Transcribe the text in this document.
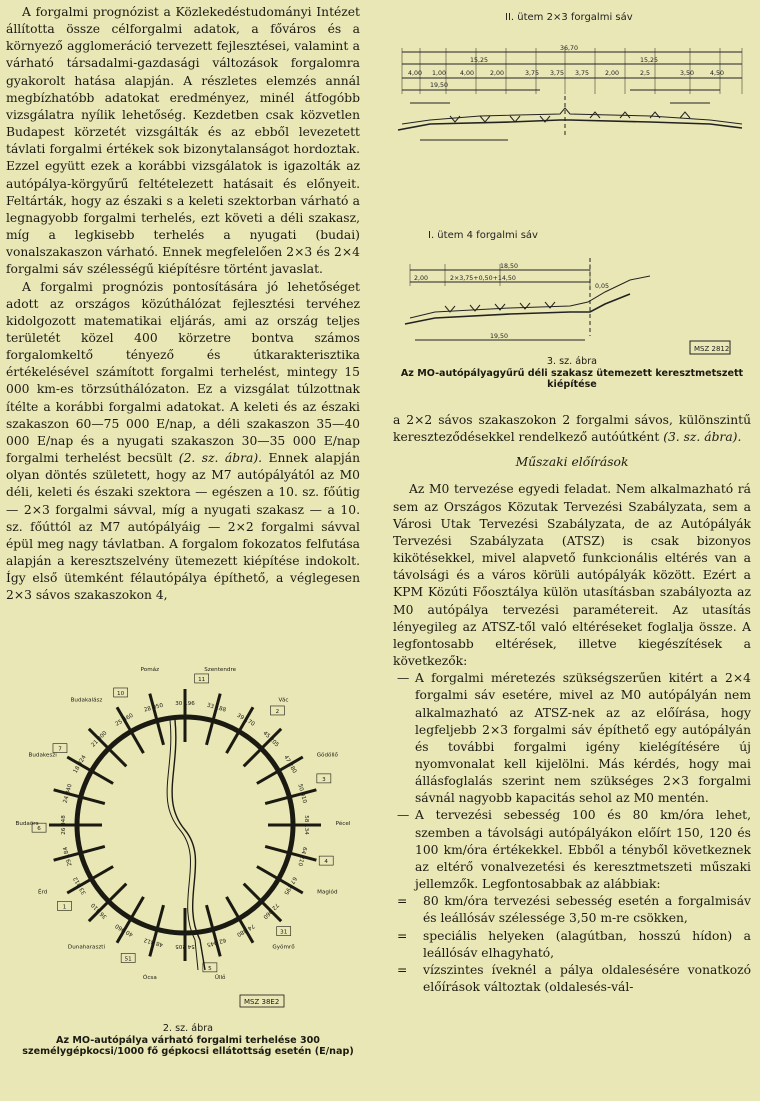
A forgalmi prognózist a Közlekedéstudományi Intézet állította össze célforgalmi adatok, a főváros és a környező agglomeráció tervezett fejlesztései, valamint a várható társadalmi-gazdasági változások forgalomra gyakorolt hatása alapján. A részletes elemzés annál megbízhatóbb adatokat eredményez, minél átfogóbb vizsgálatra nyílik lehetőség. Kezdetben csak közvetlen Budapest körzetét vizsgálták és az ebből levezetett távlati forgalmi értékek sok bizonytalanságot hordoztak. Ezzel együtt ezek a korábbi vizsgálatok is igazolták az autópálya-körgyűrű feltételezett hatásait és előnyeit. Feltárták, hogy az északi s a keleti szektorban várható a legnagyobb forgalmi terhelés, ezt követi a déli szakasz, míg a legkisebb terhelés a nyugati (budai) vonalszakaszon várható. Ennek megfelelően 2×3 és 2×4 forgalmi sáv szélességű kiépítésre történt javaslat.

A forgalmi prognózis pontosítására jó lehetőséget adott az országos közúthálózat fejlesztési tervéhez kidolgozott matematikai eljárás, ami az ország teljes területét közel 400 körzetre bontva számos forgalomkeltő tényező és útkarakterisztika értékelésével számított forgalmi terhelést, mintegy 15 000 km-es törzsúthálózaton. Ez a vizsgálat túlzottnak ítélte a korábbi forgalmi adatokat. A keleti és az északi szakaszon 60—75 000 E/nap, a déli szakaszon 35—40 000 E/nap és a nyugati szakaszon 30—35 000 E/nap forgalmi terhelést becsült (2. sz. ábra). Ennek alapján olyan döntés született, hogy az M7 autópályától az M0 déli, keleti és északi szektora — egészen a 10. sz. főútig — 2×3 forgalmi sávval, míg a nyugati szakasz — a 10. sz. főúttól az M7 autópályáig — 2×2 forgalmi sávval épül meg nagy távlatban. A forgalom fokozatos felfutása alapján a keresztszelvény ütemezett kiépítése indokolt. Így első ütemként félautópálya építhető, a véglegesen 2×3 sávos szakaszokon 4,

II. ütem 2×3 forgalmi sáv
I. ütem 4 forgalmi sáv
36,70
15,25	15,25
4,00 1,00 4,00	2,00	3,75 3,75 3,75	2,00	2,5	3,50	4,50
19,50
18,50
2,00	2×3,75+0,50+14,50
0,05
19,50
MSZ 2812
3. sz. ábra
Az MO-autópályagyűrű déli szakasz ütemezett keresztmetszett kiépítése

a 2×2 sávos szakaszokon 2 forgalmi sávos, különszintű kereszteződésekkel rendelkező autóútként (3. sz. ábra).

Műszaki előírások

Az M0 tervezése egyedi feladat. Nem alkalmazható rá sem az Országos Közutak Tervezési Szabályzata, sem a Városi Utak Tervezési Szabályzata, de az Autópályák Tervezési Szabályzata (ATSZ) is csak bizonyos kikötésekkel, mivel alapvető funkcionális eltérés van a távolsági és a város körüli autópályák között. Ezért a KPM Közúti Főosztálya külön utasításban szabályozta az M0 autópálya tervezési paramétereit. Az utasítás lényegileg az ATSZ-től való eltéréseket foglalja össze. A legfontosabb eltérések, illetve kiegészítések a következők:

— A forgalmi méretezés szükségszerűen kitért a 2×4 forgalmi sáv esetére, mivel az M0 autópályán nem alkalmazható az ATSZ-nek az az előírása, hogy legfeljebb 2×3 forgalmi sáv építhető egy autópályán és további forgalmi igény kielégítésére új nyomvonalat kell kijelölni. Más kérdés, hogy mai állásfoglalás szerint nem szükséges 2×3 forgalmi sávnál nagyobb kapacitás sehol az M0 mentén.
— A tervezési sebesség 100 és 80 km/óra lehet, szemben a távolsági autópályákon előírt 150, 120 és 100 km/óra értékekkel. Ebből a tényből következnek az eltérő vonalvezetési és keresztmetszeti műszaki jellemzők. Legfontosabbak az alábbiak:
= 80 km/óra tervezési sebesség esetén a forgalmisáv és leállósáv szélessége 3,50 m-re csökken,
= speciális helyeken (alagútban, hosszú hídon) a leállósáv elhagyható,
= vízszintes íveknél a pálya oldalesésére vonatkozó előírások változtak (oldalesés-vál-
30 196 33 188
39 170
45 205
47 280
50 010
58 134
64 210
67 295
72 060
74 880
62 045
54 205
48 312
40 960
36 410
33 012
29 184
26 048
24 840
18 024
21 300
25 460
28 050
Szentendre
Vác
Gödöllő
Pécel
Maglód
Gyömrő
Üllő
Ócsa
Dunaharaszti
Érd
Budaörs
Budakeszi
Budakalász
Pomáz
11
2
3
4
31
5
51
1
6
7
10
MSZ 38E2
2. sz. ábra
Az MO-autópálya várható forgalmi terhelése 300 személygépkocsi/1000 fő gépkocsi ellátottság esetén (E/nap)
